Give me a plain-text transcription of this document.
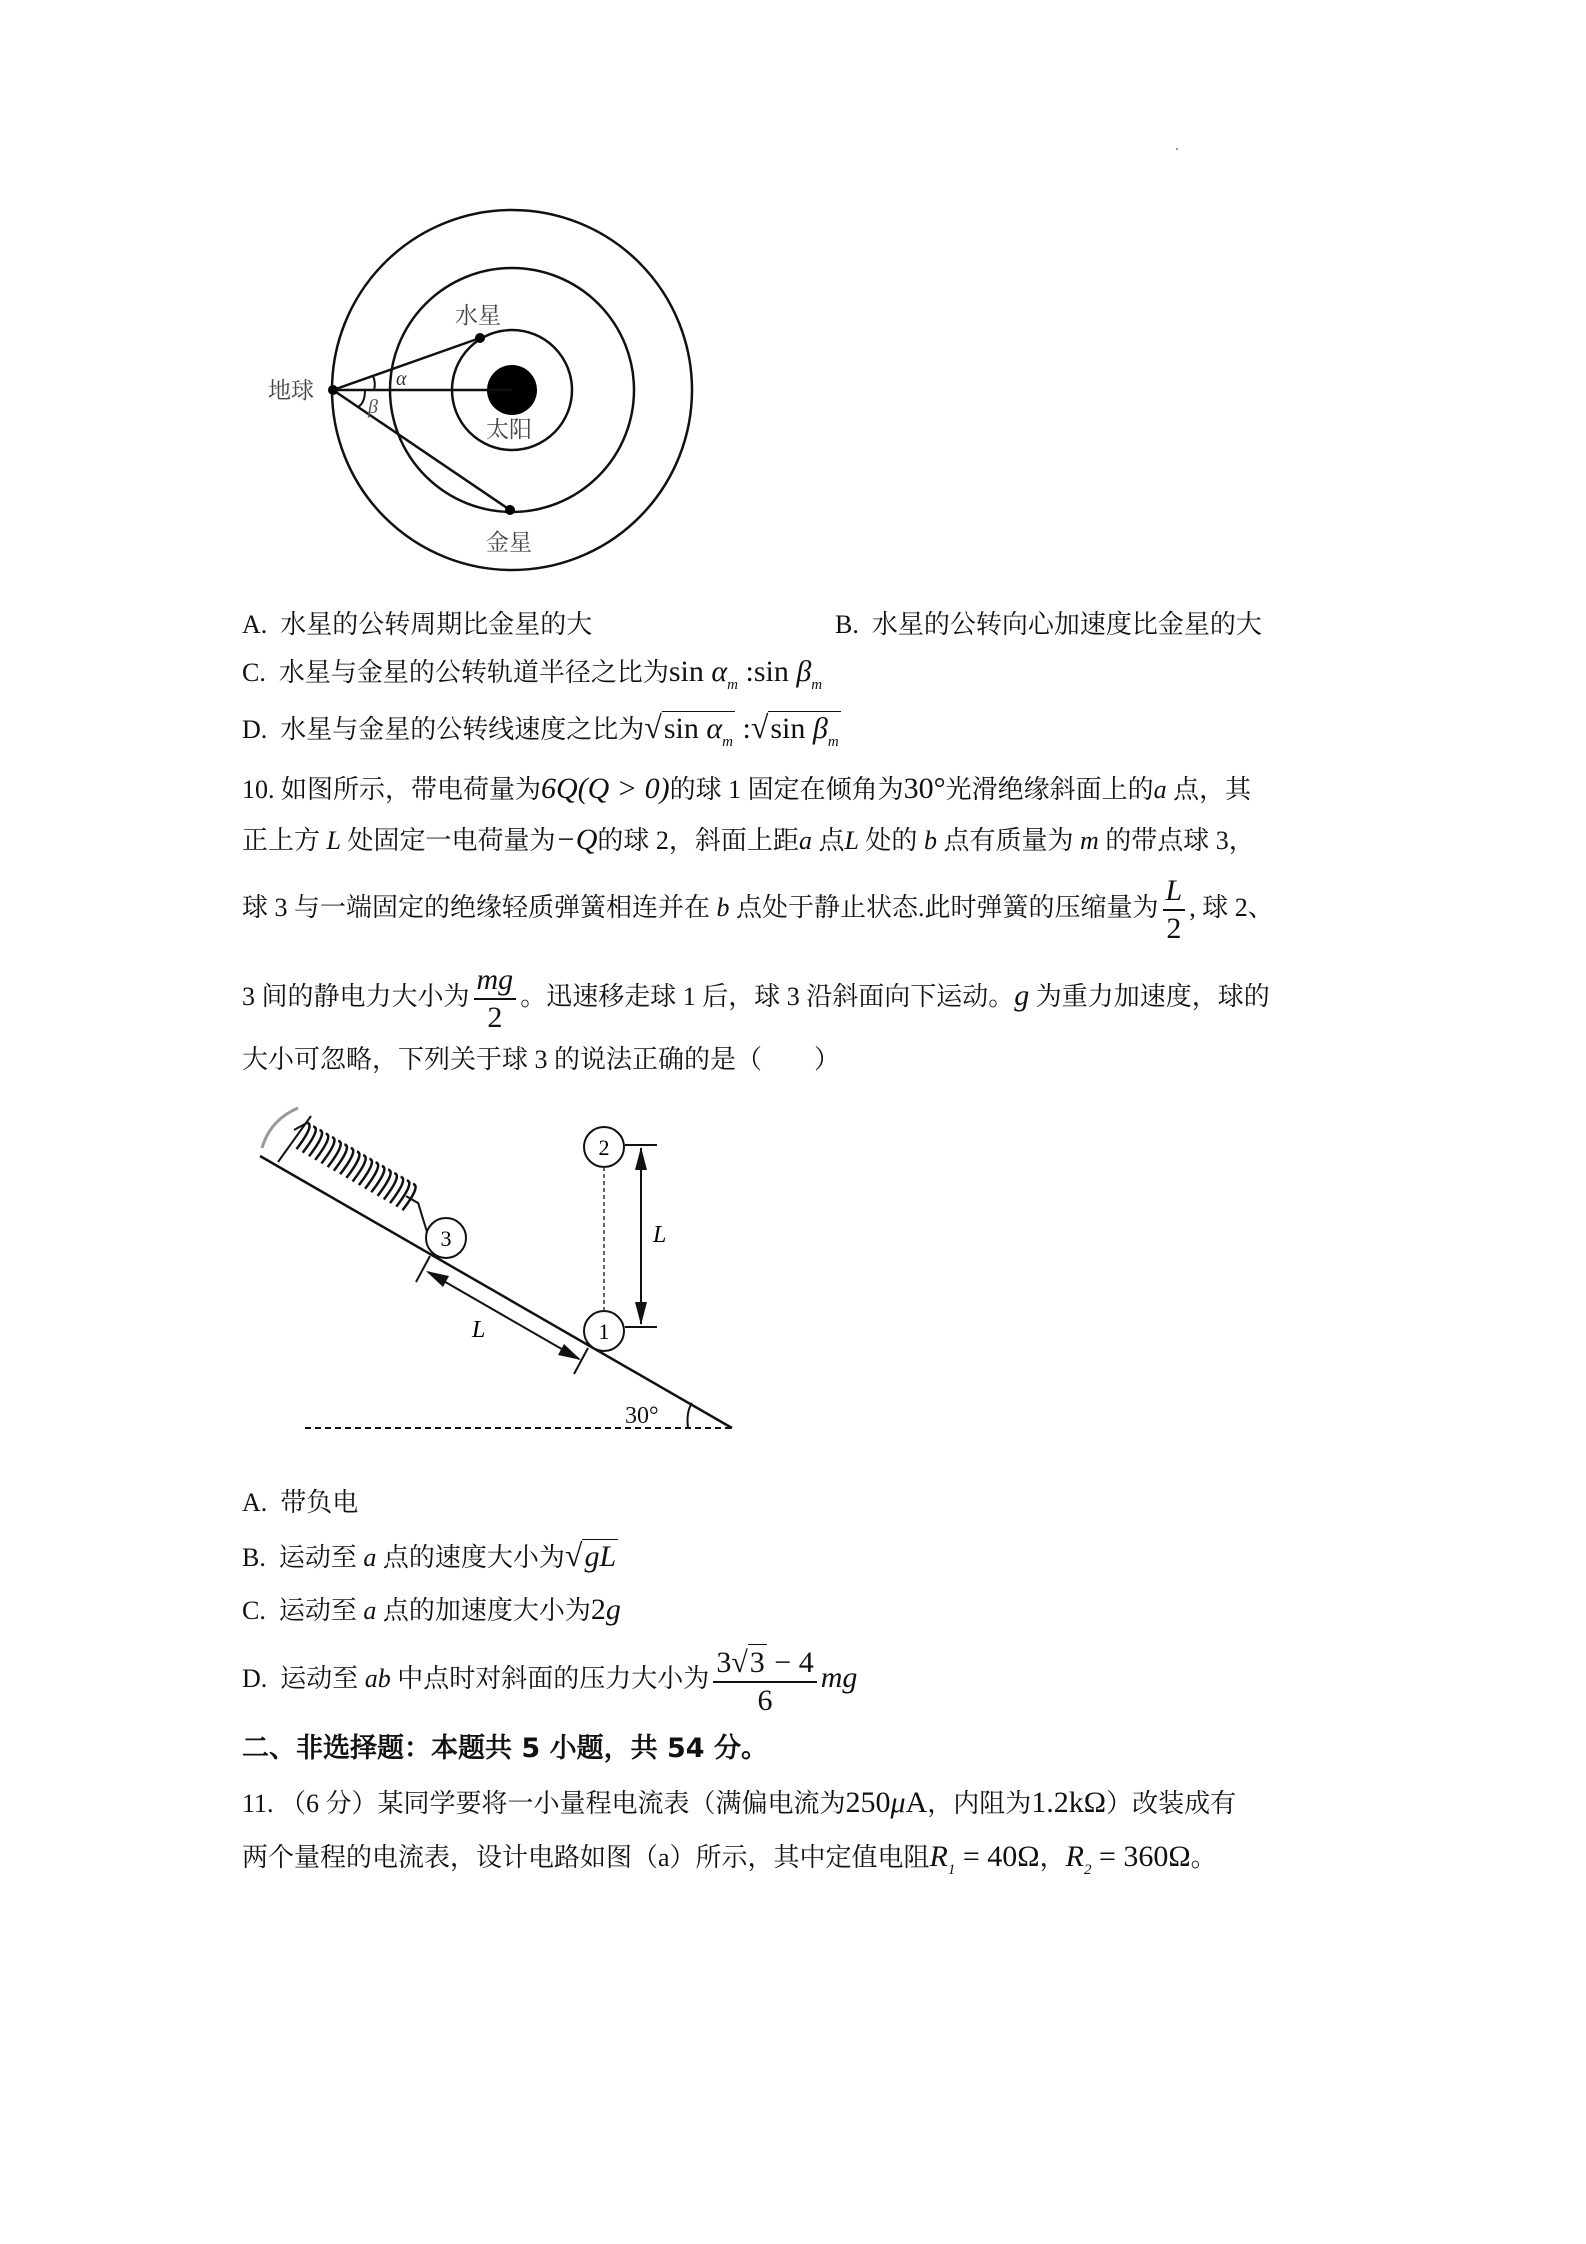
α
β
地球
水星
太阳
金星
A. 水星的公转周期比金星的大	B. 水星的公转向心加速度比金星的大
C. 水星与金星的公转轨道半径之比为$\sin \alpha_m$ :sin $\beta_m$
D. 水星与金星的公转线速度之比为√sin $\alpha_m$ :√sin $\beta_m$
10. 如图所示，带电荷量为6Q(Q > 0)的球 1 固定在倾角为30°光滑绝缘斜面上的a 点，其
正上方 L 处固定一电荷量为−Q的球 2，斜面上距a 点L 处的 b 点有质量为 m 的带点球 3，
球 3 与一端固定的绝缘轻质弹簧相连并在 b 点处于静止状态.此时弹簧的压缩量为 $\frac{L}{2}$ , 球 2、
3 间的静电力大小为 $\frac{mg}{2}$ 。迅速移走球 1 后，球 3 沿斜面向下运动。g 为重力加速度，球的
大小可忽略，下列关于球 3 的说法正确的是（　　）
30°
3
1
2
L
L
A. 带负电
B. 运动至 a 点的速度大小为√gL
C. 运动至 a 点的加速度大小为2g
D. 运动至 ab 中点时对斜面的压力大小为 $\frac{3√3 - 4}{6}$ mg
二、非选择题：本题共 5 小题，共 54 分。
11. （6 分）某同学要将一小量程电流表（满偏电流为250μA，内阻为1.2kΩ）改装成有
两个量程的电流表，设计电路如图（a）所示，其中定值电阻$R_1 = 40\Omega$，$R_2 = 360\Omega$。
